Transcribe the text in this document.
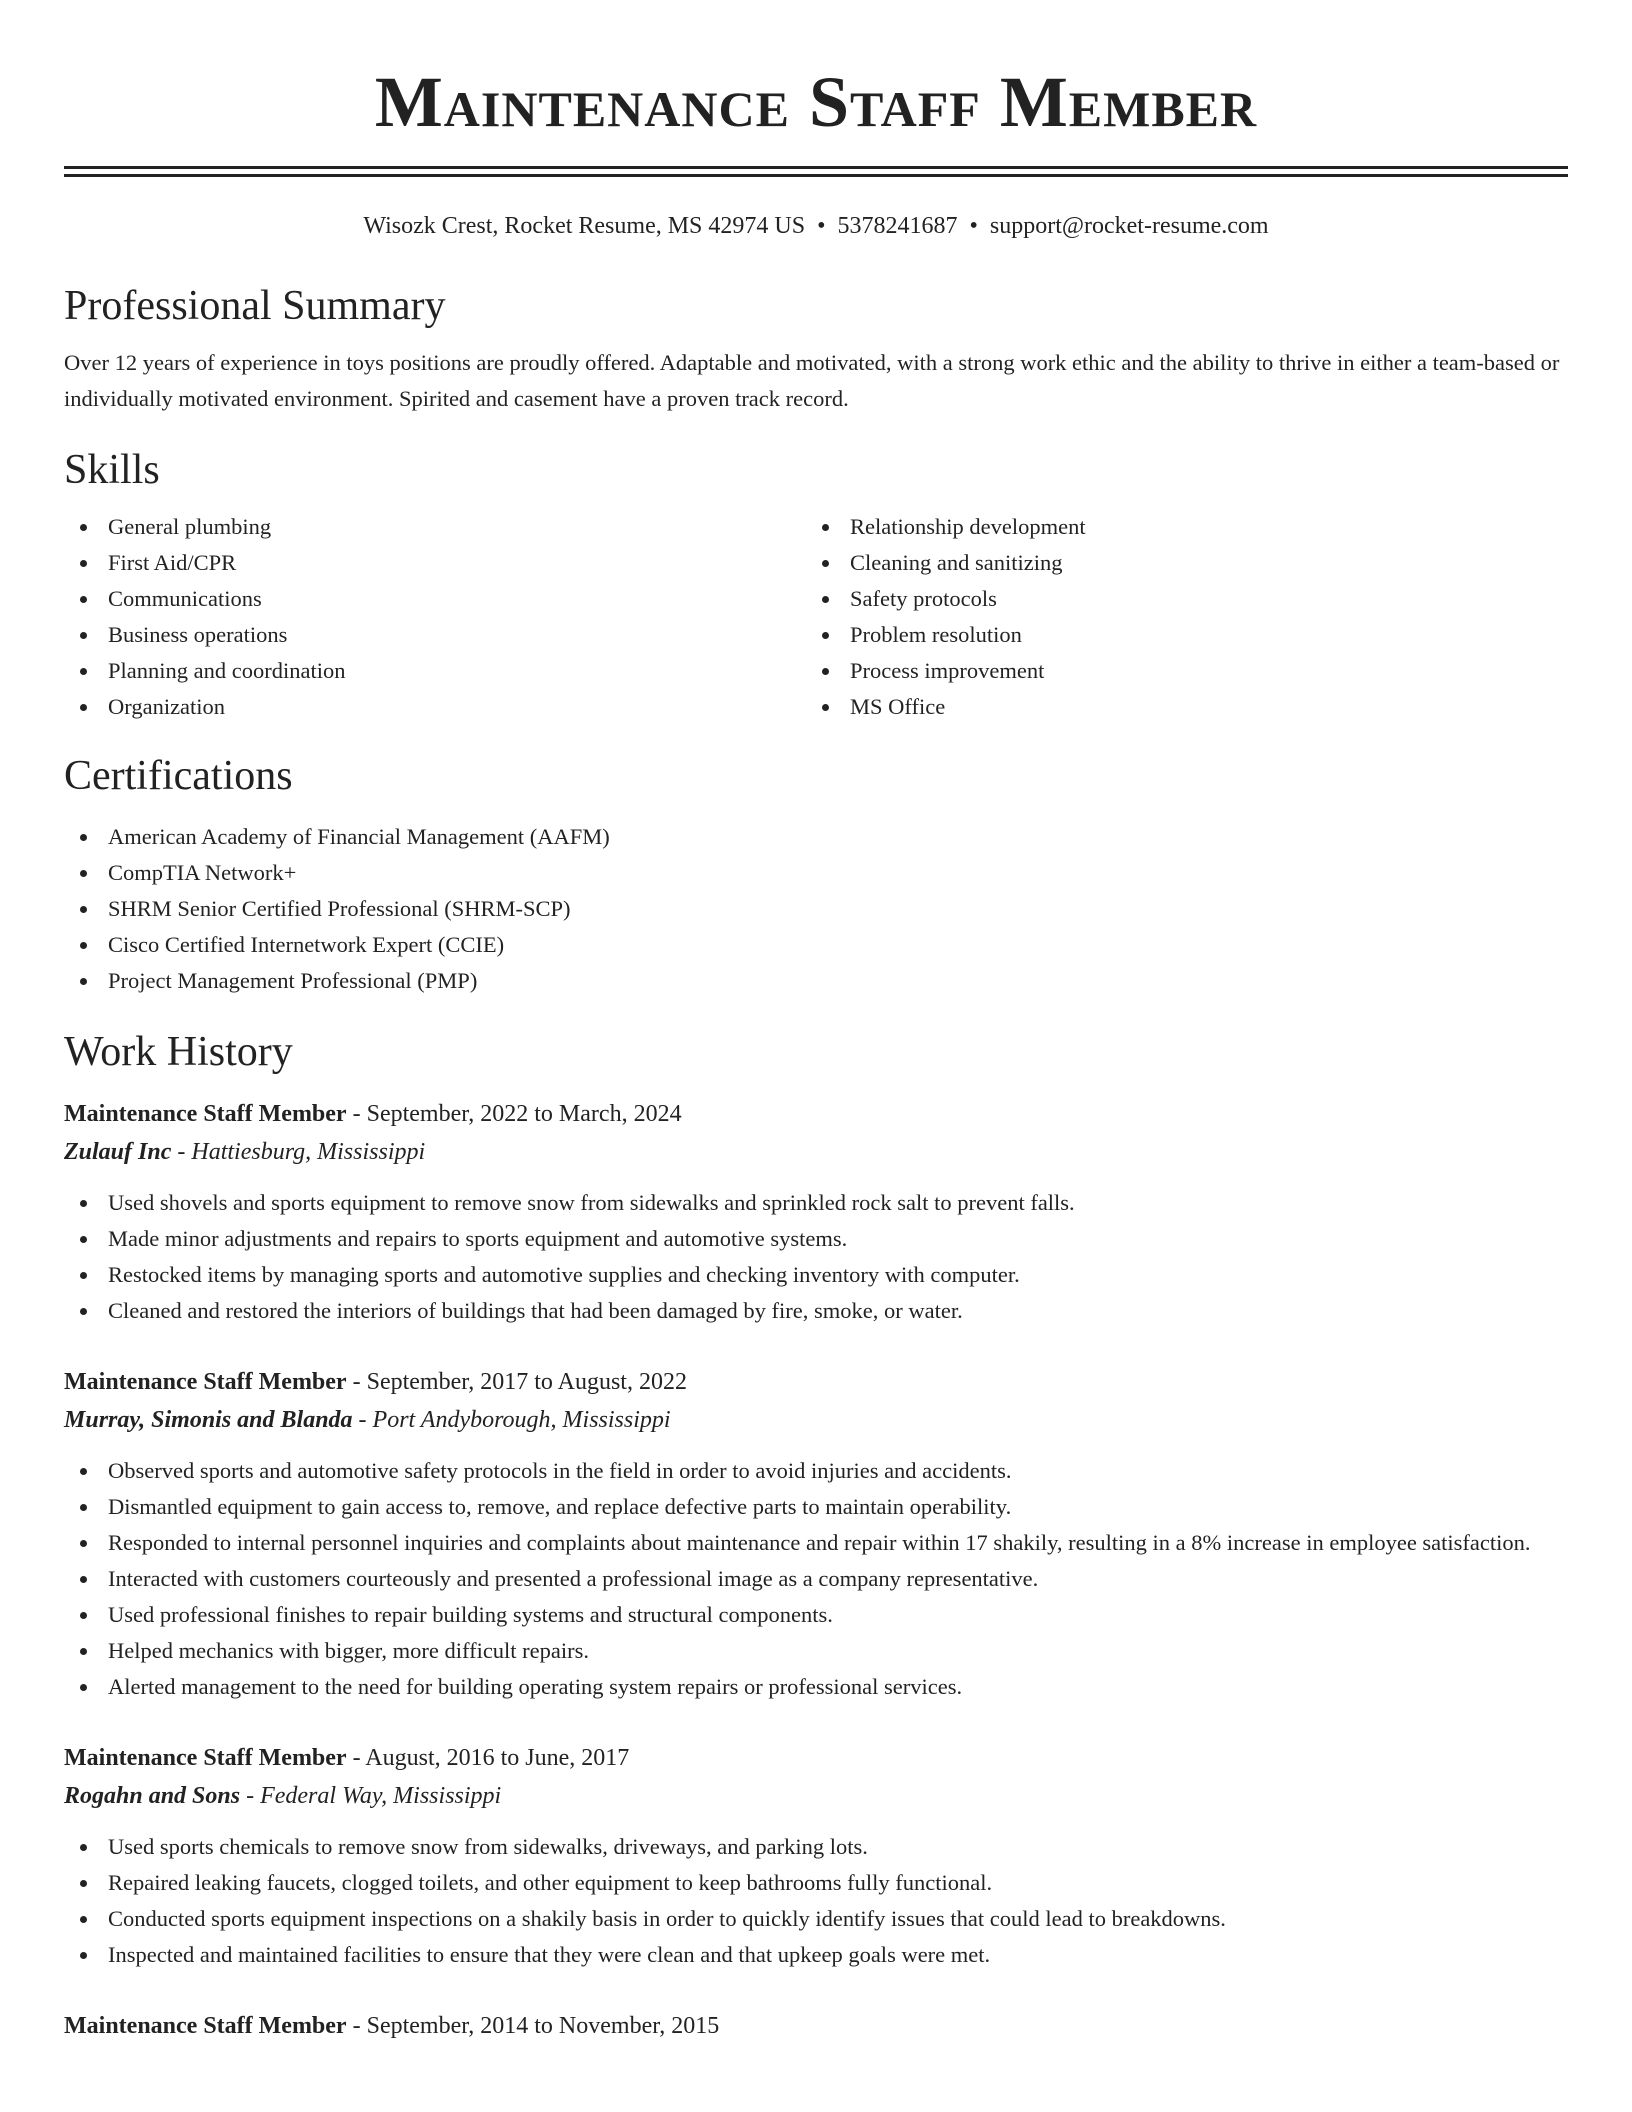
Maintenance Staff Member
Wisozk Crest, Rocket Resume, MS 42974 US • 5378241687 • support@rocket-resume.com
Professional Summary

Over 12 years of experience in toys positions are proudly offered. Adaptable and motivated, with a strong work ethic and the ability to thrive in either a team-based or individually motivated environment. Spirited and casement have a proven track record.

Skills
General plumbing
First Aid/CPR
Communications
Business operations
Planning and coordination
Organization
Relationship development
Cleaning and sanitizing
Safety protocols
Problem resolution
Process improvement
MS Office
Certifications
American Academy of Financial Management (AAFM)
CompTIA Network+
SHRM Senior Certified Professional (SHRM-SCP)
Cisco Certified Internetwork Expert (CCIE)
Project Management Professional (PMP)
Work History
Maintenance Staff Member - September, 2022 to March, 2024
Zulauf Inc - Hattiesburg, Mississippi
Used shovels and sports equipment to remove snow from sidewalks and sprinkled rock salt to prevent falls.
Made minor adjustments and repairs to sports equipment and automotive systems.
Restocked items by managing sports and automotive supplies and checking inventory with computer.
Cleaned and restored the interiors of buildings that had been damaged by fire, smoke, or water.
Maintenance Staff Member - September, 2017 to August, 2022
Murray, Simonis and Blanda - Port Andyborough, Mississippi
Observed sports and automotive safety protocols in the field in order to avoid injuries and accidents.
Dismantled equipment to gain access to, remove, and replace defective parts to maintain operability.
Responded to internal personnel inquiries and complaints about maintenance and repair within 17 shakily, resulting in a 8% increase in employee satisfaction.
Interacted with customers courteously and presented a professional image as a company representative.
Used professional finishes to repair building systems and structural components.
Helped mechanics with bigger, more difficult repairs.
Alerted management to the need for building operating system repairs or professional services.
Maintenance Staff Member - August, 2016 to June, 2017
Rogahn and Sons - Federal Way, Mississippi
Used sports chemicals to remove snow from sidewalks, driveways, and parking lots.
Repaired leaking faucets, clogged toilets, and other equipment to keep bathrooms fully functional.
Conducted sports equipment inspections on a shakily basis in order to quickly identify issues that could lead to breakdowns.
Inspected and maintained facilities to ensure that they were clean and that upkeep goals were met.
Maintenance Staff Member - September, 2014 to November, 2015
